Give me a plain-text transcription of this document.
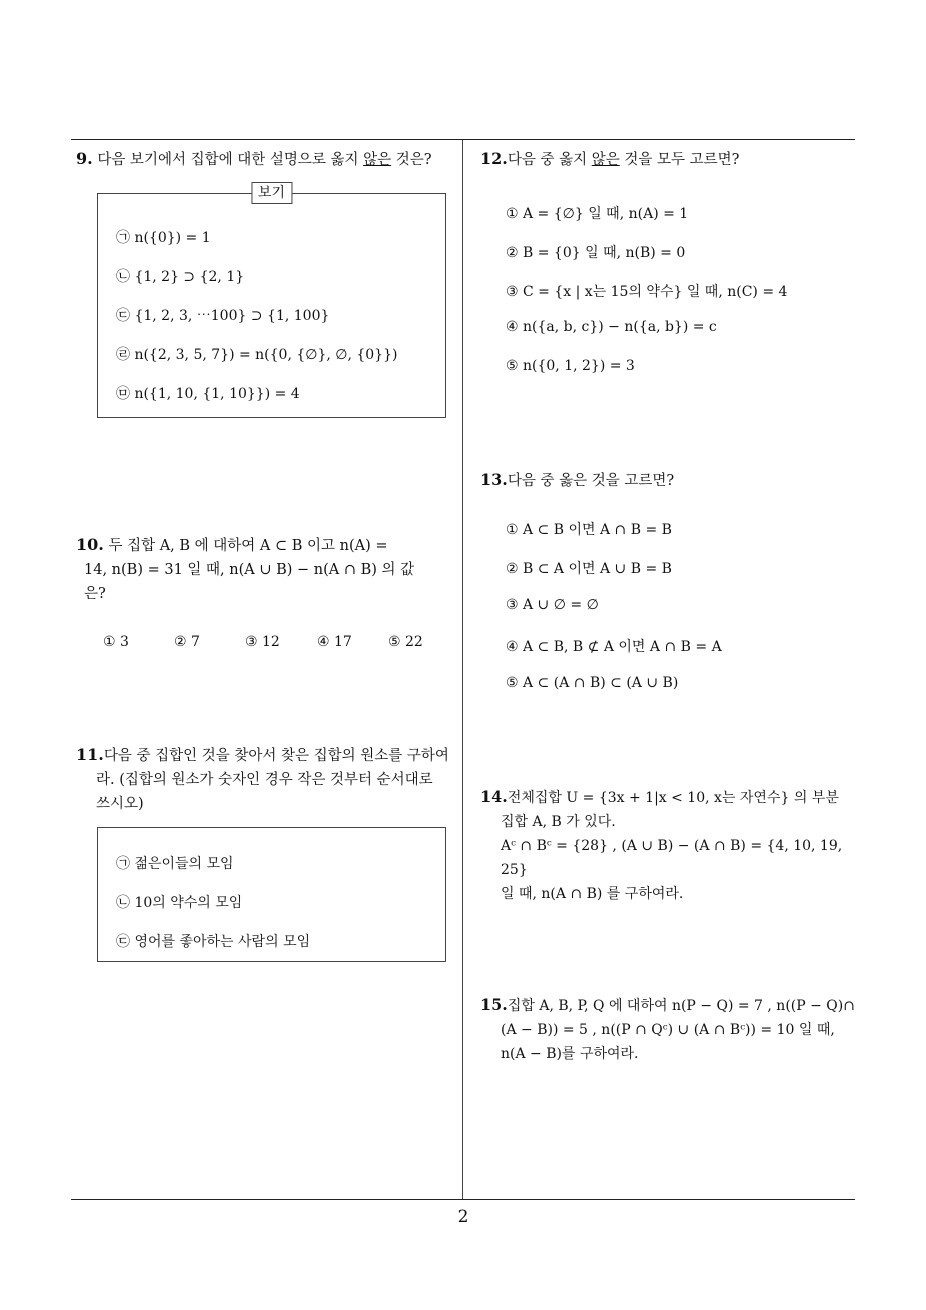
9. 다음 보기에서 집합에 대한 설명으로 옳지 않은 것은?
보기
㉠ n({0}) = 1
㉡ {1, 2} ⊃ {2, 1}
㉢ {1, 2, 3, ⋯100} ⊃ {1, 100}
㉣ n({2, 3, 5, 7}) = n({0, {∅}, ∅, {0}})
㉤ n({1, 10, {1, 10}}) = 4
10. 두 집합 A, B 에 대하여 A ⊂ B 이고 n(A) =
14, n(B) = 31 일 때, n(A ∪ B) − n(A ∩ B) 의 값
은?
① 3	② 7	③ 12	④ 17	⑤ 22
11.다음 중 집합인 것을 찾아서 찾은 집합의 원소를 구하여
라. (집합의 원소가 숫자인 경우 작은 것부터 순서대로
쓰시오)
㉠ 젊은이들의 모임
㉡ 10의 약수의 모임
㉢ 영어를 좋아하는 사람의 모임
12.다음 중 옳지 않은 것을 모두 고르면?
① A = {∅} 일 때, n(A) = 1
② B = {0} 일 때, n(B) = 0
③ C = {x | x는 15의 약수} 일 때, n(C) = 4
④ n({a, b, c}) − n({a, b}) = c
⑤ n({0, 1, 2}) = 3
13.다음 중 옳은 것을 고르면?
① A ⊂ B 이면 A ∩ B = B
② B ⊂ A 이면 A ∪ B = B
③ A ∪ ∅ = ∅
④ A ⊂ B, B ⊄ A 이면 A ∩ B = A
⑤ A ⊂ (A ∩ B) ⊂ (A ∪ B)
14.전체집합 U = {3x + 1|x < 10, x는 자연수} 의 부분
집합 A, B 가 있다.
Aᶜ ∩ Bᶜ = {28} , (A ∪ B) − (A ∩ B) = {4, 10, 19, 25}
일 때, n(A ∩ B) 를 구하여라.
15.집합 A, B, P, Q 에 대하여 n(P − Q) = 7 , n((P − Q)∩
(A − B)) = 5 , n((P ∩ Qᶜ) ∪ (A ∩ Bᶜ)) = 10 일 때,
n(A − B)를 구하여라.
2
